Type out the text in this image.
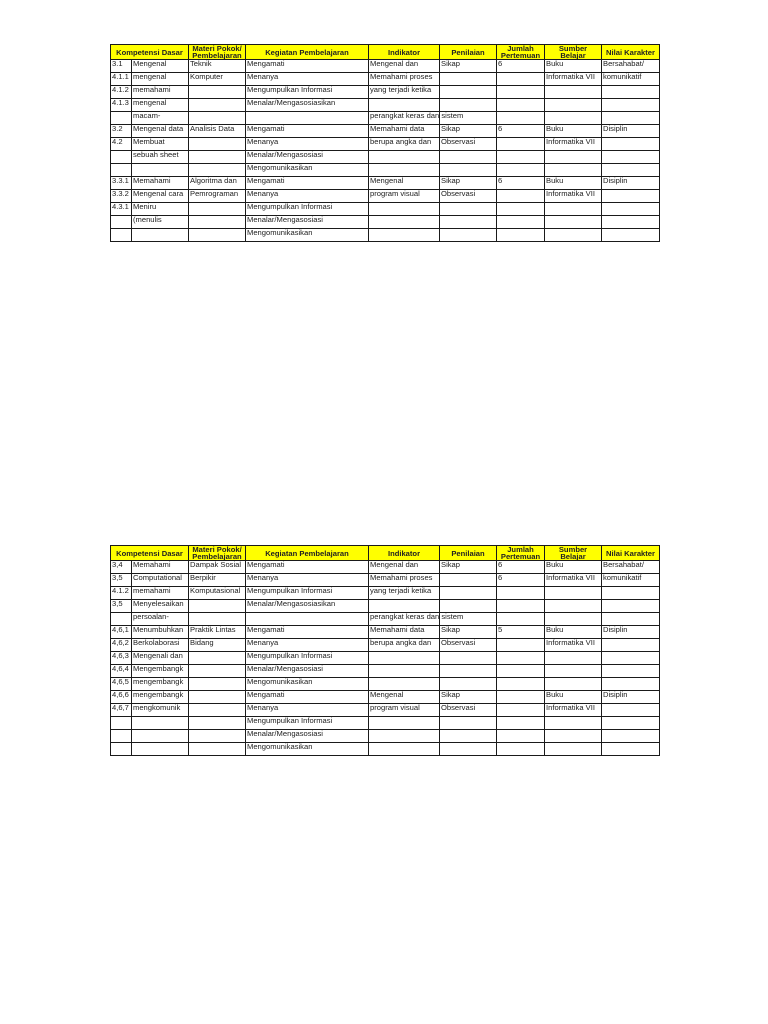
Kompetensi Dasar		Materi Pokok/ Pembelajaran	Kegiatan Pembelajaran	Indikator	Penilaian	Jumlah Pertemuan	Sumber Belajar	Nilai Karakter
3.1	Mengenal	Teknik	Mengamati	Mengenal dan	Sikap	6	Buku	Bersahabat/
4.1.1	mengenal	Komputer	Menanya	Memahami proses			Informatika VII	komunikatif
4.1.2	memahami		Mengumpulkan Informasi	yang terjadi ketika				
4.1.3	mengenal		Menalar/Mengasosiasikan					
	macam-			perangkat keras dan sistem				
3.2	Mengenal data	Analisis Data	Mengamati	Memahami data	Sikap	6	Buku	Disiplin
4.2	Membuat		Menanya	berupa angka dan	Observasi		Informatika VII	
	sebuah sheet		Menalar/Mengasosiasi					
			Mengomunikasikan					
3.3.1	Memahami	Algoritma dan	Mengamati	Mengenal	Sikap	6	Buku	Disiplin
3.3.2	Mengenal cara	Pemrograman	Menanya	program visual	Observasi		Informatika VII	
4.3.1	Meniru		Mengumpulkan Informasi					
	(menulis		Menalar/Mengasosiasi					
			Mengomunikasikan					
Kompetensi Dasar		Materi Pokok/ Pembelajaran	Kegiatan Pembelajaran	Indikator	Penilaian	Jumlah Pertemuan	Sumber Belajar	Nilai Karakter
3,4	Memahami	Dampak Sosial	Mengamati	Mengenal dan	Sikap	6	Buku	Bersahabat/
3,5	Computational	Berpikir	Menanya	Memahami proses		6	Informatika VII	komunikatif
4.1.2	memahami	Komputasional	Mengumpulkan Informasi	yang terjadi ketika				
3,5	Menyelesaikan		Menalar/Mengasosiasikan					
	persoalan-			perangkat keras dan sistem				
4,6,1	Menumbuhkan	Praktik Lintas	Mengamati	Memahami data	Sikap	5	Buku	Disiplin
4,6,2	Berkolaborasi	Bidang	Menanya	berupa angka dan	Observasi		Informatika VII	
4,6,3	Mengenali dan		Mengumpulkan Informasi					
4,6,4	Mengembangk		Menalar/Mengasosiasi					
4,6,5	mengembangk		Mengomunikasikan					
4,6,6	mengembangk		Mengamati	Mengenal	Sikap		Buku	Disiplin
4,6,7	mengkomunik		Menanya	program visual	Observasi		Informatika VII	
			Mengumpulkan Informasi					
			Menalar/Mengasosiasi					
			Mengomunikasikan					
